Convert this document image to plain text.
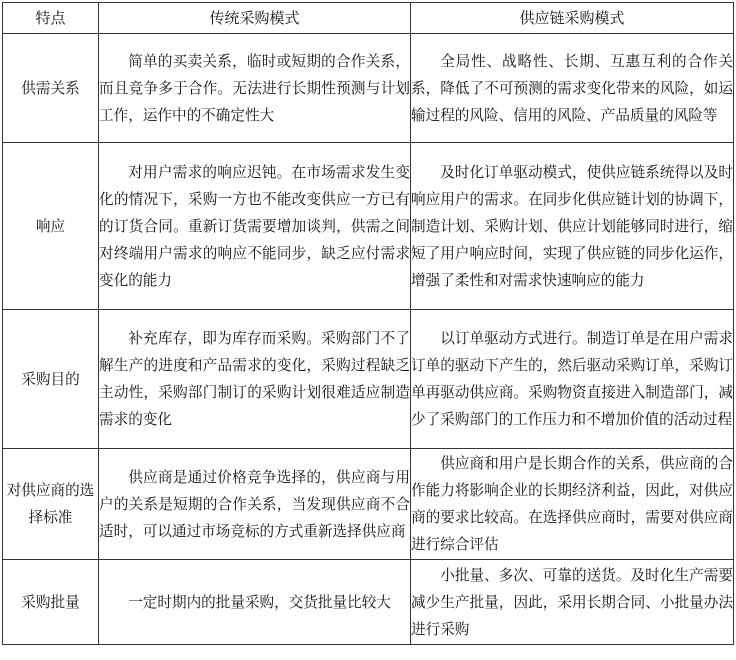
特点	传统采购模式	供应链采购模式

供需关系	简单的买卖关系，临时或短期的合作关系，而且竞争多于合作。无法进行长期性预测与计划工作，运作中的不确定性大	全局性、战略性、长期、互惠互利的合作关系，降低了不可预测的需求变化带来的风险，如运输过程的风险、信用的风险、产品质量的风险等

响应	对用户需求的响应迟钝。在市场需求发生变化的情况下，采购一方也不能改变供应一方已有的订货合同。重新订货需要增加谈判，供需之间对终端用户需求的响应不能同步，缺乏应付需求变化的能力	及时化订单驱动模式，使供应链系统得以及时响应用户的需求。在同步化供应链计划的协调下，制造计划、采购计划、供应计划能够同时进行，缩短了用户响应时间，实现了供应链的同步化运作，增强了柔性和对需求快速响应的能力

采购目的	补充库存，即为库存而采购。采购部门不了解生产的进度和产品需求的变化，采购过程缺乏主动性，采购部门制订的采购计划很难适应制造需求的变化	以订单驱动方式进行。制造订单是在用户需求订单的驱动下产生的，然后驱动采购订单，采购订单再驱动供应商。采购物资直接进入制造部门，减少了采购部门的工作压力和不增加价值的活动过程

对供应商的选择标准	供应商是通过价格竞争选择的，供应商与用户的关系是短期的合作关系，当发现供应商不合适时，可以通过市场竞标的方式重新选择供应商	供应商和用户是长期合作的关系，供应商的合作能力将影响企业的长期经济利益，因此，对供应商的要求比较高。在选择供应商时，需要对供应商进行综合评估

采购批量	一定时期内的批量采购，交货批量比较大	小批量、多次、可靠的送货。及时化生产需要减少生产批量，因此，采用长期合同、小批量办法进行采购
